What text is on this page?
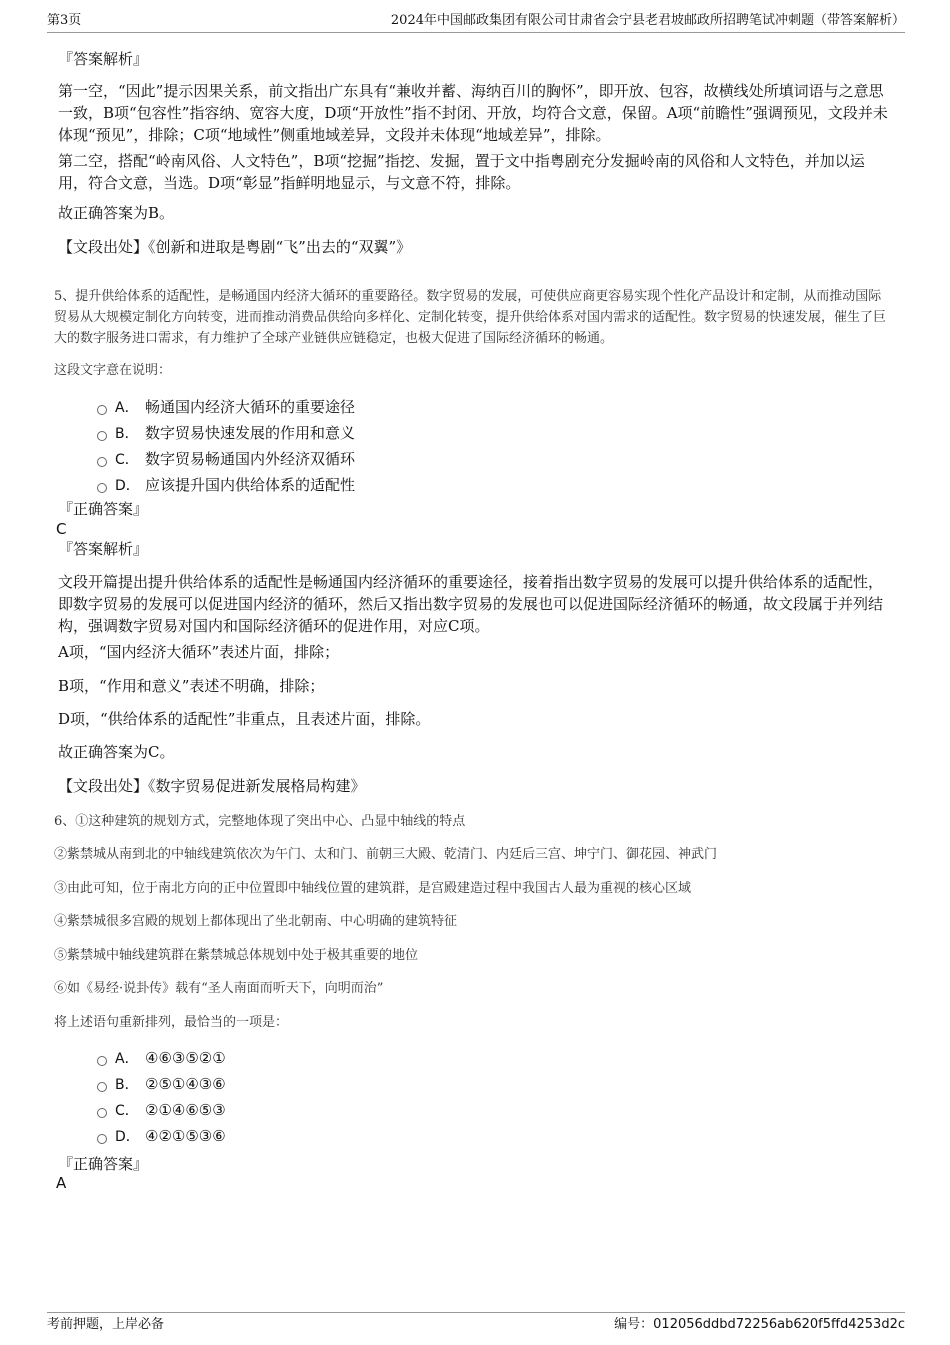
第3页	2024年中国邮政集团有限公司甘肃省会宁县老君坡邮政所招聘笔试冲刺题（带答案解析）
『答案解析』

第一空，“因此”提示因果关系，前文指出广东具有“兼收并蓄、海纳百川的胸怀”，即开放、包容，故横线处所填词语与之意思一致，B项“包容性”指容纳、宽容大度，D项“开放性”指不封闭、开放，均符合文意，保留。A项“前瞻性”强调预见，文段并未体现“预见”，排除；C项“地域性”侧重地域差异，文段并未体现“地域差异”，排除。

第二空，搭配“岭南风俗、人文特色”，B项“挖掘”指挖、发掘，置于文中指粤剧充分发掘岭南的风俗和人文特色，并加以运用，符合文意，当选。D项“彰显”指鲜明地显示，与文意不符，排除。

故正确答案为B。

【文段出处】《创新和进取是粤剧“飞”出去的“双翼”》

5、提升供给体系的适配性，是畅通国内经济大循环的重要路径。数字贸易的发展，可使供应商更容易实现个性化产品设计和定制，从而推动国际贸易从大规模定制化方向转变，进而推动消费品供给向多样化、定制化转变，提升供给体系对国内需求的适配性。数字贸易的快速发展，催生了巨大的数字服务进口需求，有力维护了全球产业链供应链稳定，也极大促进了国际经济循环的畅通。

这段文字意在说明：

A． 畅通国内经济大循环的重要途径
B． 数字贸易快速发展的作用和意义
C． 数字贸易畅通国内外经济双循环
D． 应该提升国内供给体系的适配性
『正确答案』
C
『答案解析』

文段开篇提出提升供给体系的适配性是畅通国内经济循环的重要途径，接着指出数字贸易的发展可以提升供给体系的适配性，即数字贸易的发展可以促进国内经济的循环，然后又指出数字贸易的发展也可以促进国际经济循环的畅通，故文段属于并列结构，强调数字贸易对国内和国际经济循环的促进作用，对应C项。

A项，“国内经济大循环”表述片面，排除；

B项，“作用和意义”表述不明确，排除；

D项，“供给体系的适配性”非重点，且表述片面，排除。

故正确答案为C。

【文段出处】《数字贸易促进新发展格局构建》

6、①这种建筑的规划方式，完整地体现了突出中心、凸显中轴线的特点

②紫禁城从南到北的中轴线建筑依次为午门、太和门、前朝三大殿、乾清门、内廷后三宫、坤宁门、御花园、神武门

③由此可知，位于南北方向的正中位置即中轴线位置的建筑群，是宫殿建造过程中我国古人最为重视的核心区域

④紫禁城很多宫殿的规划上都体现出了坐北朝南、中心明确的建筑特征

⑤紫禁城中轴线建筑群在紫禁城总体规划中处于极其重要的地位

⑥如《易经·说卦传》载有“圣人南面而听天下，向明而治”

将上述语句重新排列，最恰当的一项是：

A． ④⑥③⑤②①
B． ②⑤①④③⑥
C． ②①④⑥⑤③
D． ④②①⑤③⑥
『正确答案』
A
考前押题，上岸必备	编号：012056ddbd72256ab620f5ffd4253d2c
